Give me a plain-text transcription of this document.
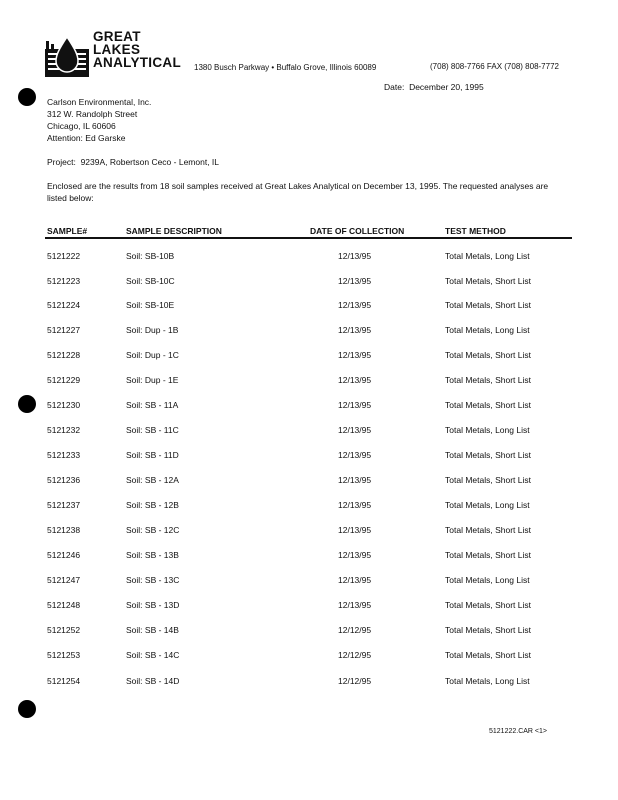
GREAT
LAKES
ANALYTICAL 1380 Busch Parkway • Buffalo Grove, Illinois 60089	(708) 808-7766 FAX (708) 808-7772
Date: December 20, 1995
Carlson Environmental, Inc.
312 W. Randolph Street
Chicago, IL 60606
Attention: Ed Garske
Project: 9239A, Robertson Ceco - Lemont, IL
Enclosed are the results from 18 soil samples received at Great Lakes Analytical on December 13, 1995. The requested analyses are listed below:
SAMPLE#	SAMPLE DESCRIPTION	DATE OF COLLECTION	TEST METHOD
5121222	Soil: SB-10B	12/13/95	Total Metals, Long List
5121223	Soil: SB-10C	12/13/95	Total Metals, Short List
5121224	Soil: SB-10E	12/13/95	Total Metals, Short List
5121227	Soil: Dup - 1B	12/13/95	Total Metals, Long List
5121228	Soil: Dup - 1C	12/13/95	Total Metals, Short List
5121229	Soil: Dup - 1E	12/13/95	Total Metals, Short List
5121230	Soil: SB - 11A	12/13/95	Total Metals, Short List
5121232	Soil: SB - 11C	12/13/95	Total Metals, Long List
5121233	Soil: SB - 11D	12/13/95	Total Metals, Short List
5121236	Soil: SB - 12A	12/13/95	Total Metals, Short List
5121237	Soil: SB - 12B	12/13/95	Total Metals, Long List
5121238	Soil: SB - 12C	12/13/95	Total Metals, Short List
5121246	Soil: SB - 13B	12/13/95	Total Metals, Short List
5121247	Soil: SB - 13C	12/13/95	Total Metals, Long List
5121248	Soil: SB - 13D	12/13/95	Total Metals, Short List
5121252	Soil: SB - 14B	12/12/95	Total Metals, Short List
5121253	Soil: SB - 14C	12/12/95	Total Metals, Short List
5121254	Soil: SB - 14D	12/12/95	Total Metals, Long List
5121222.CAR <1>
